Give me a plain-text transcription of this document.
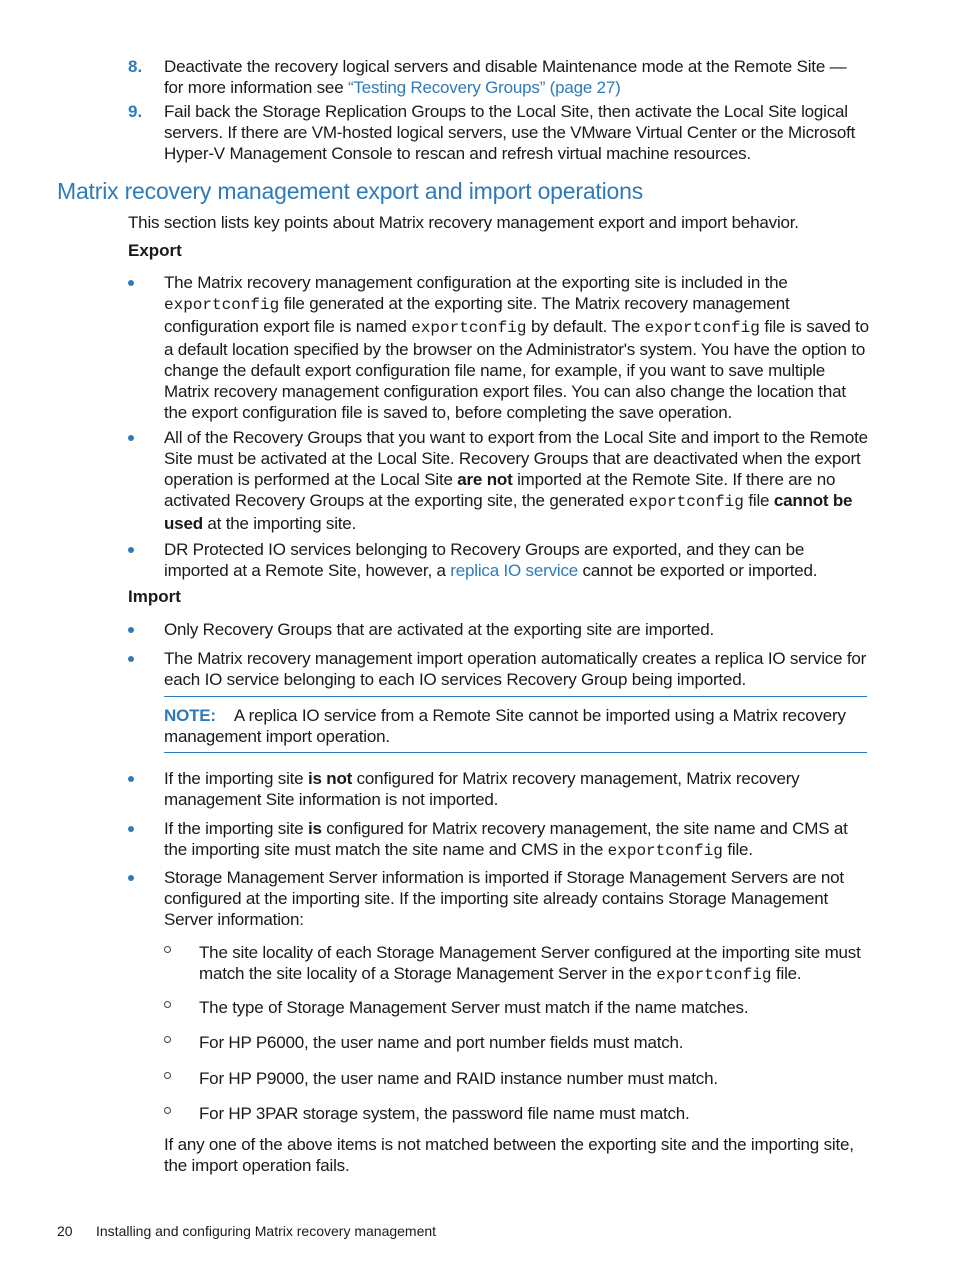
8. Deactivate the recovery logical servers and disable Maintenance mode at the Remote Site —
for more information see “Testing Recovery Groups” (page 27)
9. Fail back the Storage Replication Groups to the Local Site, then activate the Local Site logical servers. If there are VM-hosted logical servers, use the VMware Virtual Center or the Microsoft Hyper-V Management Console to rescan and refresh virtual machine resources.
Matrix recovery management export and import operations
This section lists key points about Matrix recovery management export and import behavior.
Export
The Matrix recovery management configuration at the exporting site is included in the exportconfig file generated at the exporting site. The Matrix recovery management configuration export file is named exportconfig by default. The exportconfig file is saved to a default location specified by the browser on the Administrator's system. You have the option to change the default export configuration file name, for example, if you want to save multiple Matrix recovery management configuration export files. You can also change the location that the export configuration file is saved to, before completing the save operation.
All of the Recovery Groups that you want to export from the Local Site and import to the Remote Site must be activated at the Local Site. Recovery Groups that are deactivated when the export operation is performed at the Local Site are not imported at the Remote Site. If there are no activated Recovery Groups at the exporting site, the generated exportconfig file cannot be used at the importing site.
DR Protected IO services belonging to Recovery Groups are exported, and they can be imported at a Remote Site, however, a replica IO service cannot be exported or imported.
Import
Only Recovery Groups that are activated at the exporting site are imported.
The Matrix recovery management import operation automatically creates a replica IO service for each IO service belonging to each IO services Recovery Group being imported.
NOTE: A replica IO service from a Remote Site cannot be imported using a Matrix recovery management import operation.
If the importing site is not configured for Matrix recovery management, Matrix recovery management Site information is not imported.
If the importing site is configured for Matrix recovery management, the site name and CMS at the importing site must match the site name and CMS in the exportconfig file.
Storage Management Server information is imported if Storage Management Servers are not configured at the importing site. If the importing site already contains Storage Management Server information:
The site locality of each Storage Management Server configured at the importing site must match the site locality of a Storage Management Server in the exportconfig file.
The type of Storage Management Server must match if the name matches.
For HP P6000, the user name and port number fields must match.
For HP P9000, the user name and RAID instance number must match.
For HP 3PAR storage system, the password file name must match.
If any one of the above items is not matched between the exporting site and the importing site, the import operation fails.
20 Installing and configuring Matrix recovery management
